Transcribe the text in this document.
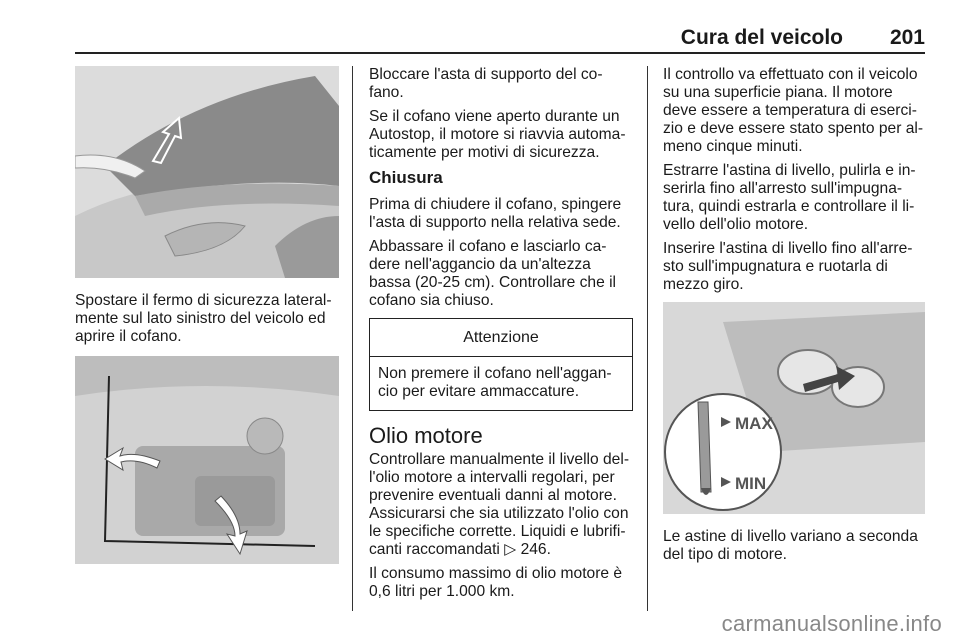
Cura del veicolo 201

Spostare il fermo di sicurezza lateral-mente sul lato sinistro del veicolo ed aprire il cofano.

Bloccare l'asta di supporto del co-fano.

Se il cofano viene aperto durante un Autostop, il motore si riavvia automa-ticamente per motivi di sicurezza.

Chiusura

Prima di chiudere il cofano, spingere l'asta di supporto nella relativa sede.

Abbassare il cofano e lasciarlo ca-dere nell'aggancio da un'altezza bassa (20-25 cm). Controllare che il cofano sia chiuso.

Attenzione
Non premere il cofano nell'aggan-cio per evitare ammaccature.
Olio motore

Controllare manualmente il livello del-l'olio motore a intervalli regolari, per prevenire eventuali danni al motore. Assicurarsi che sia utilizzato l'olio con le specifiche corrette. Liquidi e lubrifi-canti raccomandati ▷ 246.

Il consumo massimo di olio motore è 0,6 litri per 1.000 km.

Il controllo va effettuato con il veicolo su una superficie piana. Il motore deve essere a temperatura di eserci-zio e deve essere stato spento per al-meno cinque minuti.

Estrarre l'astina di livello, pulirla e in-serirla fino all'arresto sull'impugna-tura, quindi estrarla e controllare il li-vello dell'olio motore.

Inserire l'astina di livello fino all'arre-sto sull'impugnatura e ruotarla di mezzo giro.

MAX
MIN

Le astine di livello variano a seconda del tipo di motore.

carmanualsonline.info
